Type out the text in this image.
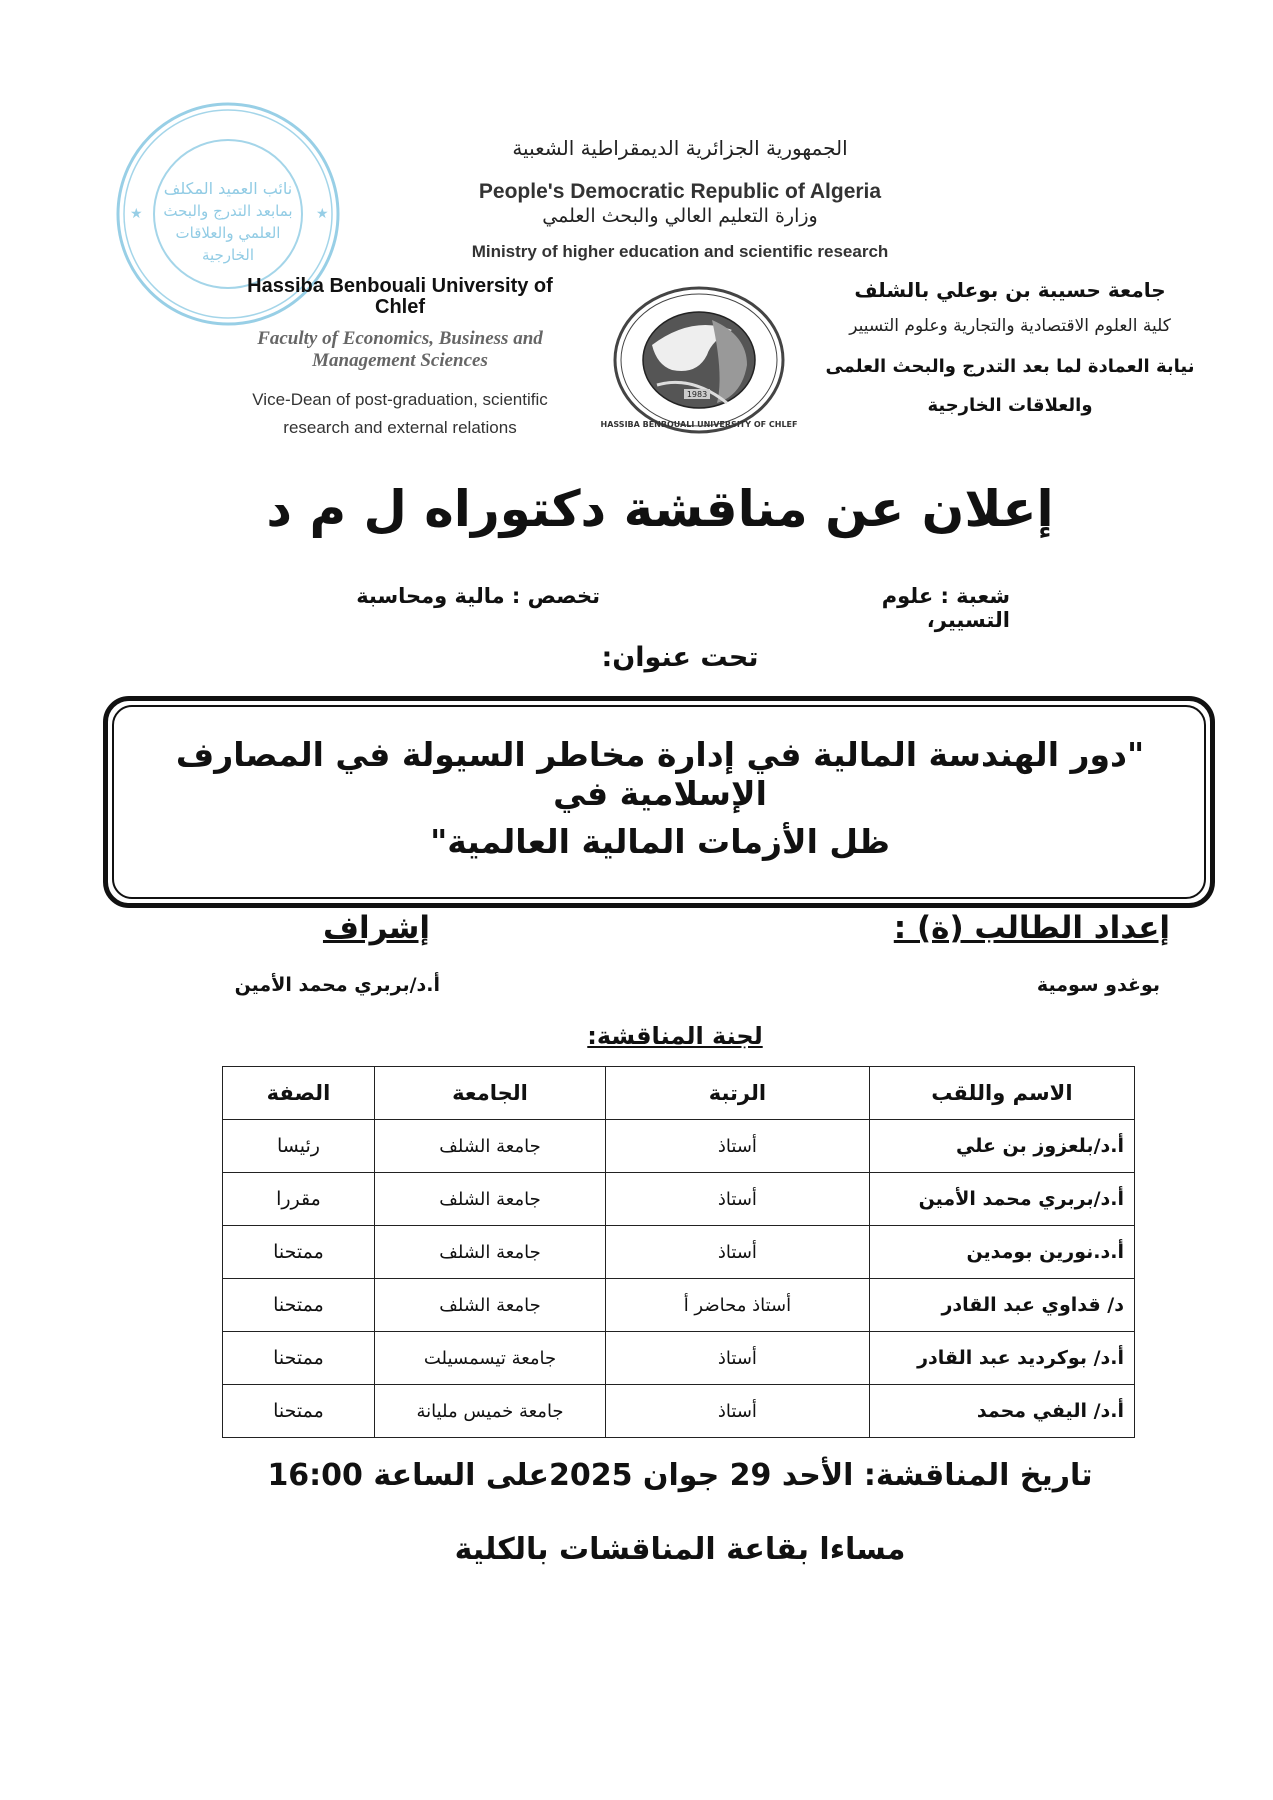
نائب العميد المكلف
بمابعد التدرج والبحث
العلمي والعلاقات
الخارجية
★
★
الجمهورية الجزائرية الديمقراطية الشعبية
People's Democratic Republic of Algeria
وزارة التعليم العالي والبحث العلمي
Ministry of higher education and scientific research
Hassiba Benbouali University of
Chlef
Faculty of Economics, Business and
Management Sciences
Vice-Dean of post-graduation, scientific
research and external relations
1983
HASSIBA BENBOUALI UNIVERSITY OF CHLEF
جامعة حسيبة بن بوعلي بالشلف
كلية العلوم الاقتصادية والتجارية وعلوم التسيير
نيابة العمادة لما بعد التدرج والبحث العلمى
والعلاقات الخارجية
إعلان عن مناقشة دكتوراه ل م د
شعبة : علوم التسيير،
تخصص : مالية ومحاسبة
تحت عنوان:
"دور الهندسة المالية في إدارة مخاطر السيولة في المصارف الإسلامية في
ظل الأزمات المالية العالمية"
إعداد الطالب (ة) :
إشراف
بوغدو سومية
أ.د/بربري محمد الأمين
لجنة المناقشة:
الاسم واللقب	الرتبة	الجامعة	الصفة
أ.د/بلعزوز بن علي	أستاذ	جامعة الشلف	رئيسا
أ.د/بربري محمد الأمين	أستاذ	جامعة الشلف	مقررا
أ.د.نورين بومدين	أستاذ	جامعة الشلف	ممتحنا
د/ قداوي عبد القادر	أستاذ محاضر أ	جامعة الشلف	ممتحنا
أ.د/ بوكرديد عبد القادر	أستاذ	جامعة تيسمسيلت	ممتحنا
أ.د/ اليفي محمد	أستاذ	جامعة خميس مليانة	ممتحنا
تاريخ المناقشة: الأحد 29 جوان 2025على الساعة 16:00
مساءا بقاعة المناقشات بالكلية
